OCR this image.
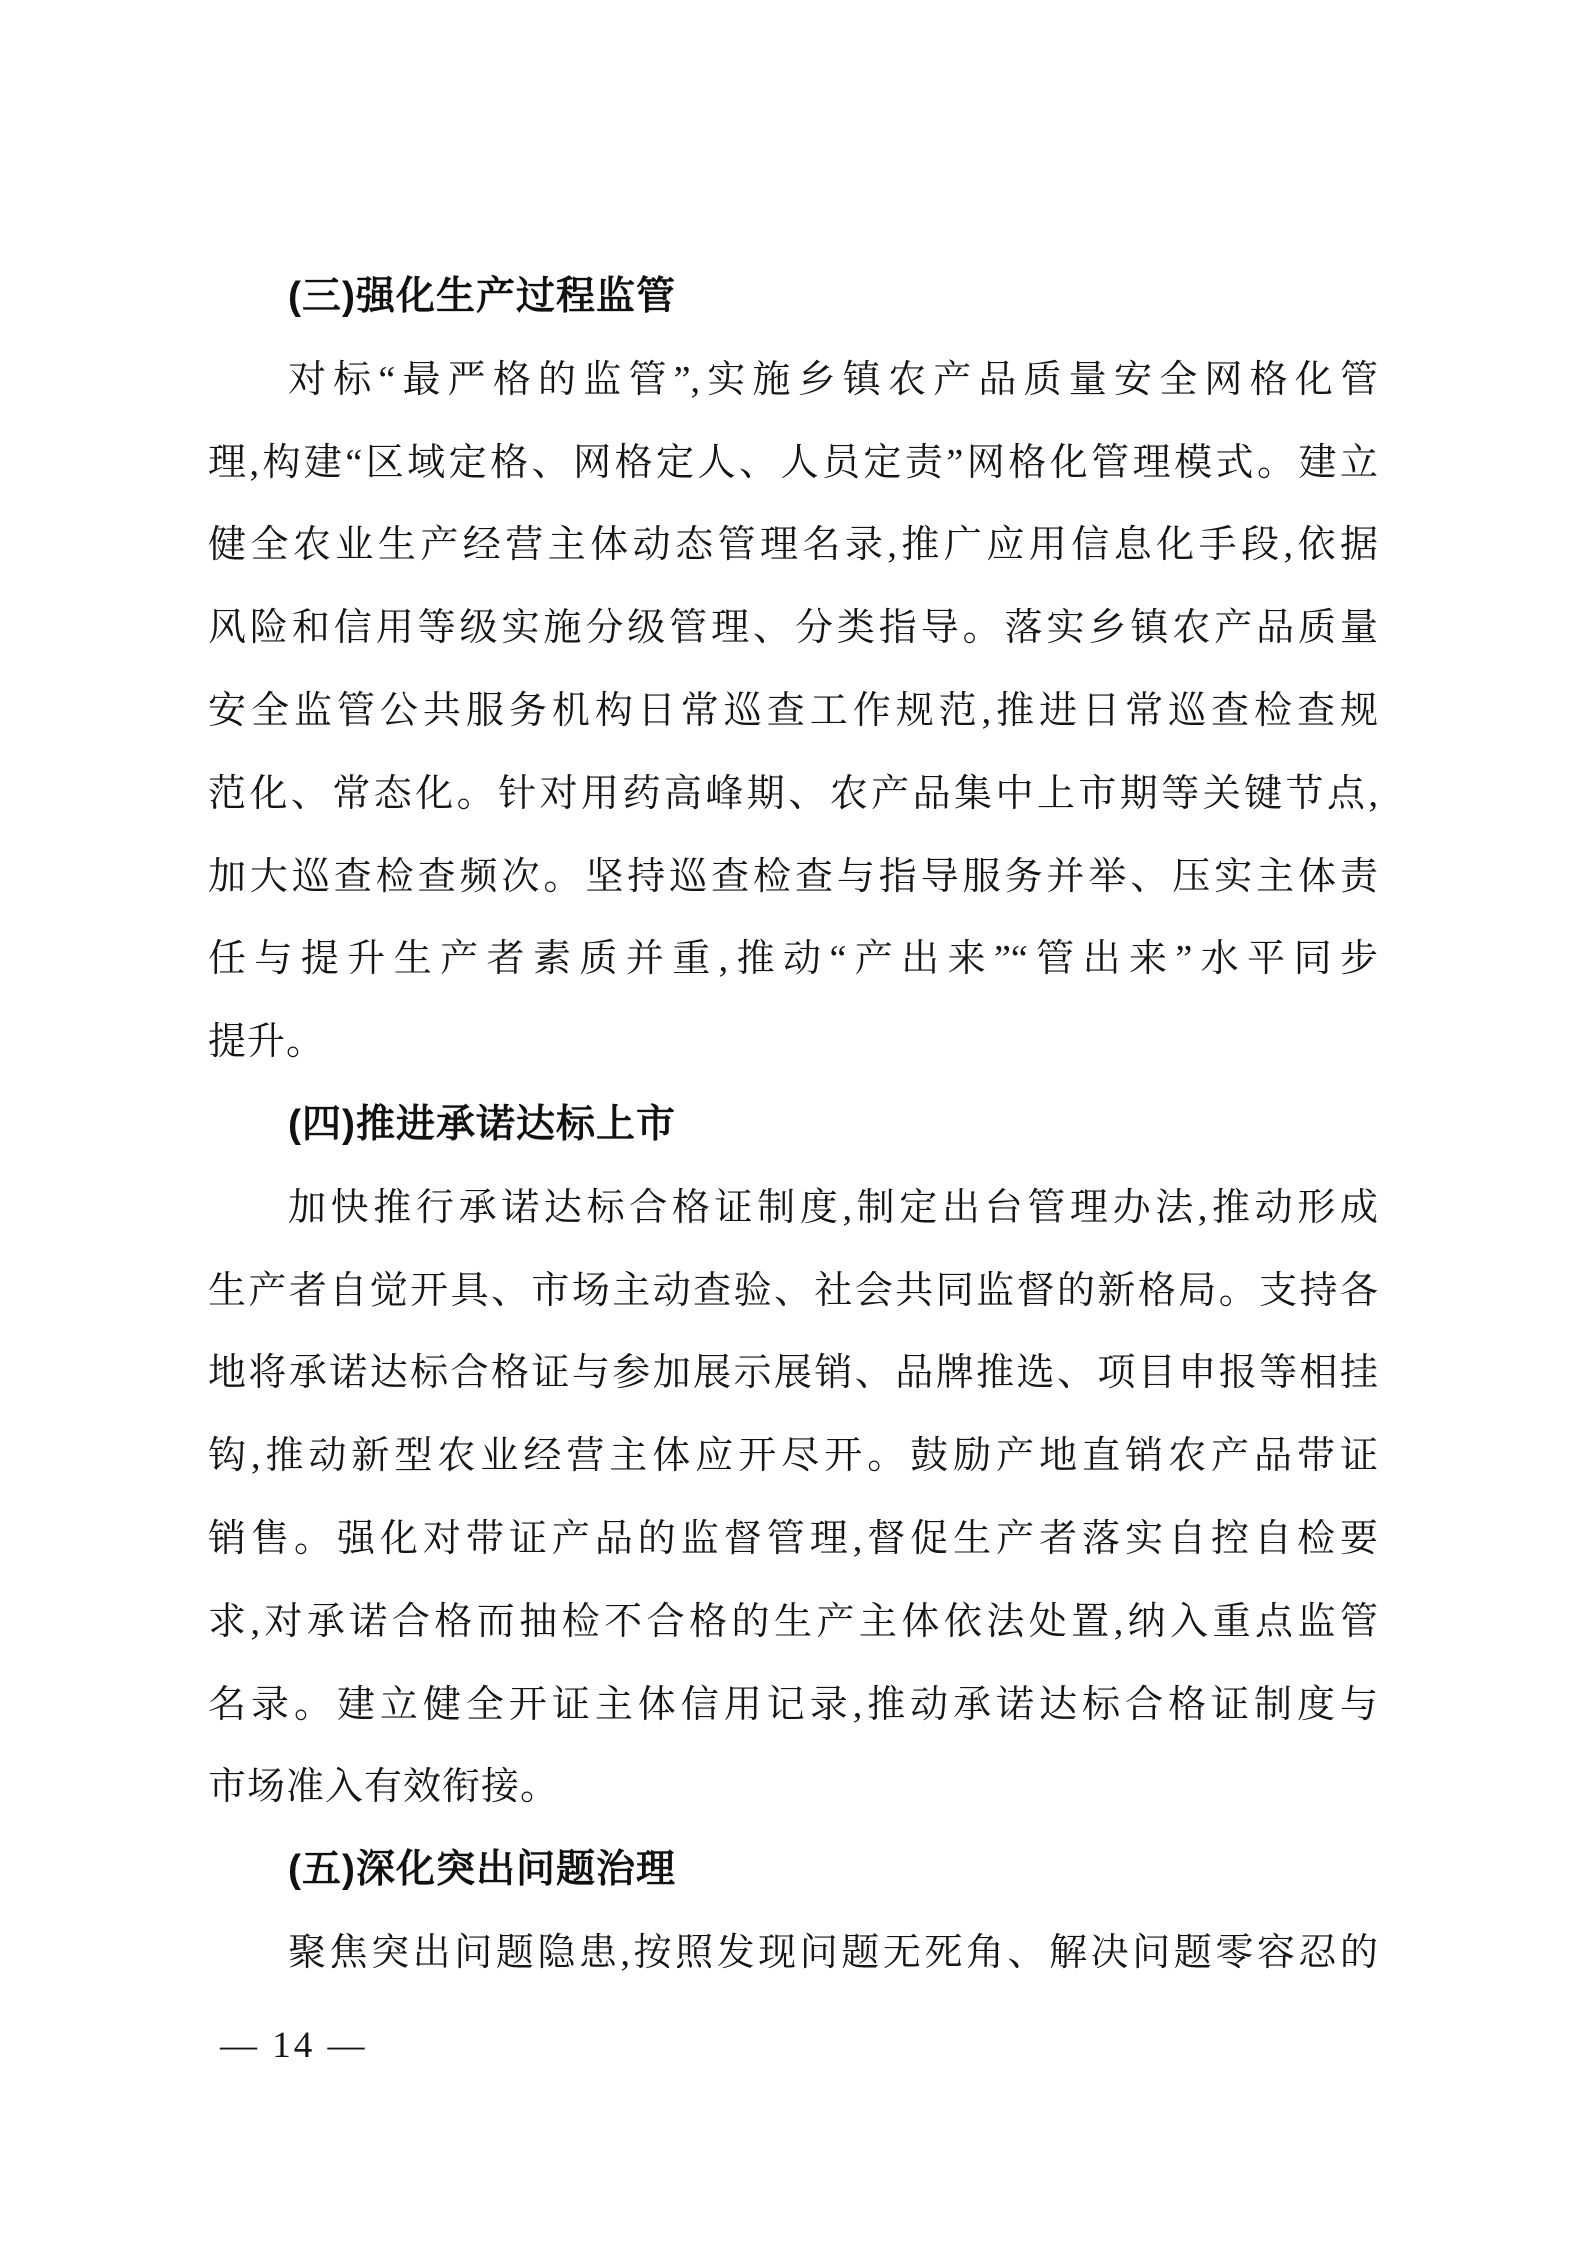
(三)强化生产过程监管
对标“最严格的监管”,实施乡镇农产品质量安全网格化管
理,构建“区域定格、网格定人、人员定责”网格化管理模式。建立
健全农业生产经营主体动态管理名录,推广应用信息化手段,依据
风险和信用等级实施分级管理、分类指导。落实乡镇农产品质量
安全监管公共服务机构日常巡查工作规范,推进日常巡查检查规
范化、常态化。针对用药高峰期、农产品集中上市期等关键节点,
加大巡查检查频次。坚持巡查检查与指导服务并举、压实主体责
任与提升生产者素质并重,推动“产出来”“管出来”水平同步
提升。
(四)推进承诺达标上市
加快推行承诺达标合格证制度,制定出台管理办法,推动形成
生产者自觉开具、市场主动查验、社会共同监督的新格局。支持各
地将承诺达标合格证与参加展示展销、品牌推选、项目申报等相挂
钩,推动新型农业经营主体应开尽开。鼓励产地直销农产品带证
销售。强化对带证产品的监督管理,督促生产者落实自控自检要
求,对承诺合格而抽检不合格的生产主体依法处置,纳入重点监管
名录。建立健全开证主体信用记录,推动承诺达标合格证制度与
市场准入有效衔接。
(五)深化突出问题治理
聚焦突出问题隐患,按照发现问题无死角、解决问题零容忍的
— 14 —
